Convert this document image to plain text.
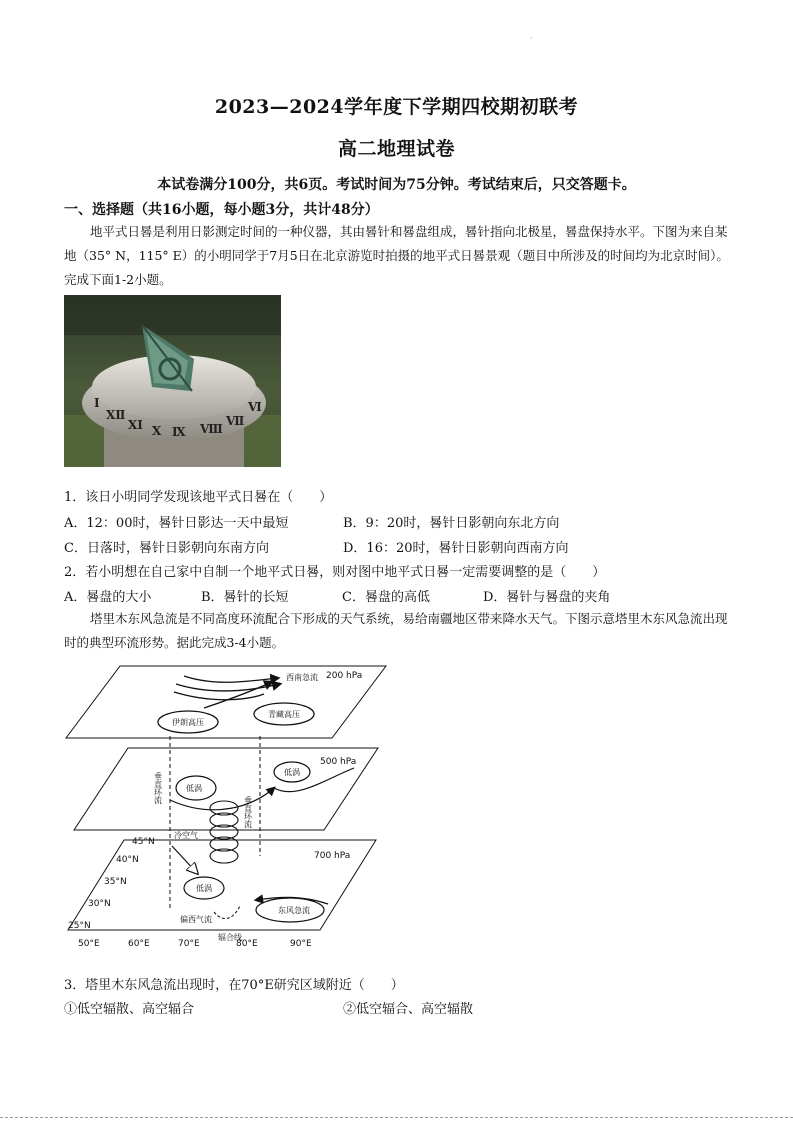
·
2023—2024学年度下学期四校期初联考
高二地理试卷
本试卷满分100分，共6页。考试时间为75分钟。考试结束后，只交答题卡。
一、选择题（共16小题，每小题3分，共计48分）
地平式日晷是利用日影测定时间的一种仪器，其由晷针和晷盘组成，晷针指向北极星，晷盘保持水平。下图为来自某地（35° N，115° E）的小明同学于7月5日在北京游览时拍摄的地平式日晷景观（题目中所涉及的时间均为北京时间）。完成下面1-2小题。
Ⅰ
ⅩⅡ
ⅩⅠ Ⅹ Ⅸ Ⅷ
Ⅶ
Ⅵ
1．该日小明同学发现该地平式日晷在（　　）
A．12：00时，晷针日影达一天中最短	B．9：20时，晷针日影朝向东北方向
C．日落时，晷针日影朝向东南方向	D．16：20时，晷针日影朝向西南方向
2．若小明想在自己家中自制一个地平式日晷，则对图中地平式日晷一定需要调整的是（　　）
A．晷盘的大小	B．晷针的长短	C．晷盘的高低	D．晷针与晷盘的夹角
塔里木东风急流是不同高度环流配合下形成的天气系统，易给南疆地区带来降水天气。下图示意塔里木东风急流出现时的典型环流形势。据此完成3-4小题。
200 hPa
西南急流
伊朗高压
青藏高压
500 hPa
低涡
低涡
垂直环流
垂直环流
700 hPa
冷空气
低涡
东风急流
偏西气流
辐合线
45°N
40°N
35°N
30°N
25°N
50°E	60°E	70°E	80°E	90°E
3．塔里木东风急流出现时，在70°E研究区域附近（　　）
①低空辐散、高空辐合	②低空辐合、高空辐散
